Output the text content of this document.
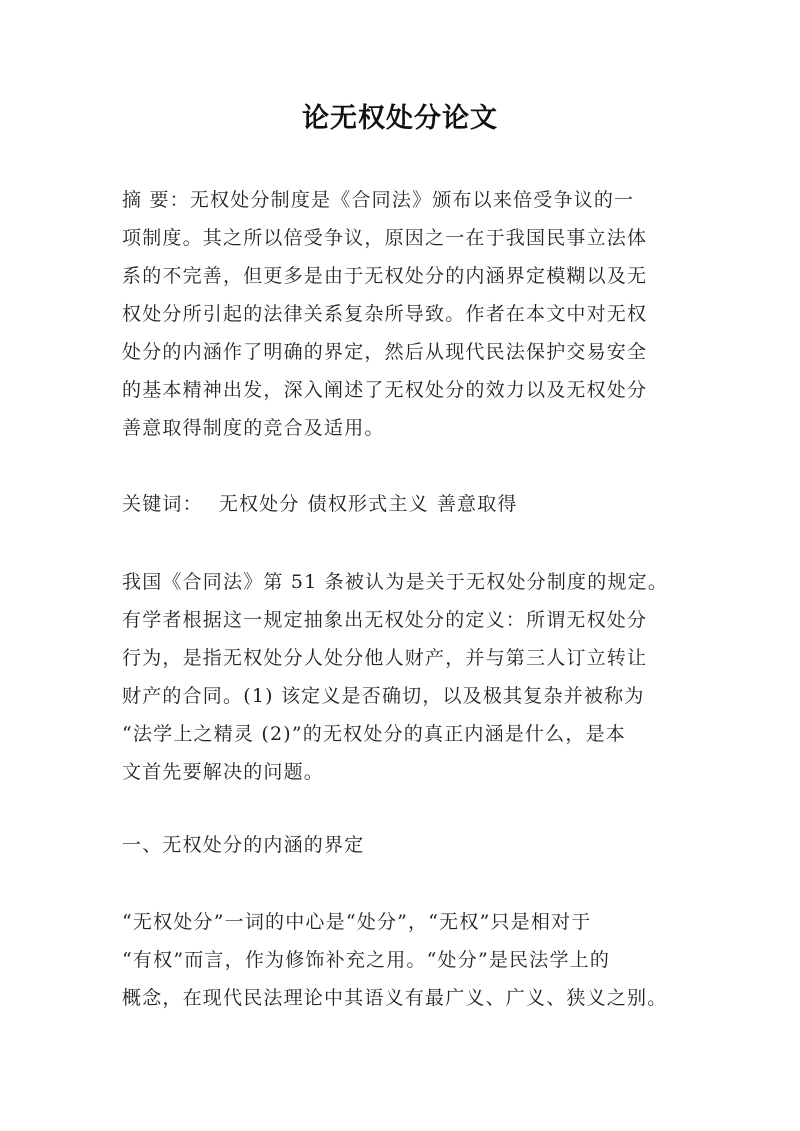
论无权处分论文
摘 要：无权处分制度是《合同法》颁布以来倍受争议的一
项制度。其之所以倍受争议，原因之一在于我国民事立法体
系的不完善，但更多是由于无权处分的内涵界定模糊以及无
权处分所引起的法律关系复杂所导致。作者在本文中对无权
处分的内涵作了明确的界定，然后从现代民法保护交易安全
的基本精神出发，深入阐述了无权处分的效力以及无权处分
善意取得制度的竞合及适用。
关键词： 无权处分 债权形式主义 善意取得
我国《合同法》第 51 条被认为是关于无权处分制度的规定。
有学者根据这一规定抽象出无权处分的定义：所谓无权处分
行为，是指无权处分人处分他人财产，并与第三人订立转让
财产的合同。(1) 该定义是否确切，以及极其复杂并被称为
“法学上之精灵 (2)”的无权处分的真正内涵是什么，是本
文首先要解决的问题。
一、无权处分的内涵的界定
“无权处分”一词的中心是“处分”，“无权”只是相对于
“有权”而言，作为修饰补充之用。“处分”是民法学上的
概念，在现代民法理论中其语义有最广义、广义、狭义之别。
